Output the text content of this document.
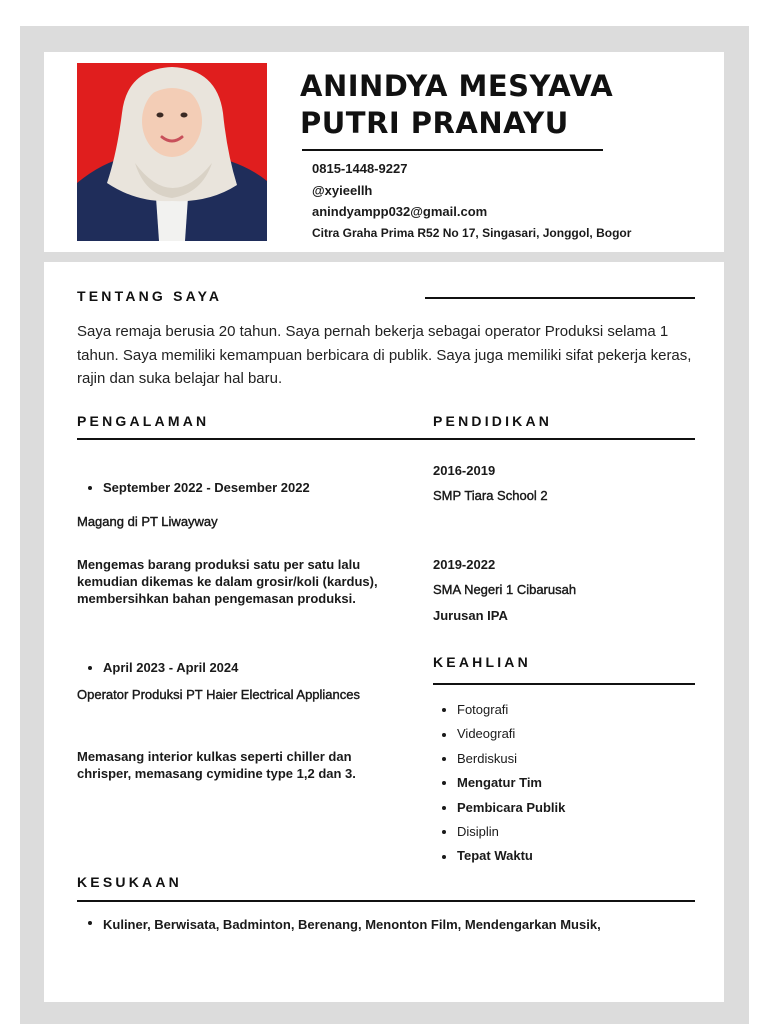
ANINDYA MESYAVA
PUTRI PRANAYU
0815-1448-9227
@xyieellh
anindyampp032@gmail.com
Citra Graha Prima R52 No 17, Singasari, Jonggol, Bogor
TENTANG SAYA
Saya remaja berusia 20 tahun. Saya pernah bekerja sebagai operator Produksi selama 1 tahun. Saya memiliki kemampuan berbicara di publik. Saya juga memiliki sifat pekerja keras, rajin dan suka belajar hal baru.
PENGALAMAN	PENDIDIKAN
September 2022 - Desember 2022
Magang di PT Liwayway
Mengemas barang produksi satu per satu lalu kemudian dikemas ke dalam grosir/koli (kardus), membersihkan bahan pengemasan produksi.
April 2023 - April 2024
Operator Produksi PT Haier Electrical Appliances
Memasang interior kulkas seperti chiller dan chrisper, memasang cymidine type 1,2 dan 3.
2016-2019
SMP Tiara School 2
2019-2022
SMA Negeri 1 Cibarusah
Jurusan IPA
KEAHLIAN
Fotografi
Videografi
Berdiskusi
Mengatur Tim
Pembicara Publik
Disiplin
Tepat Waktu
KESUKAAN
Kuliner, Berwisata, Badminton, Berenang, Menonton Film, Mendengarkan Musik,
